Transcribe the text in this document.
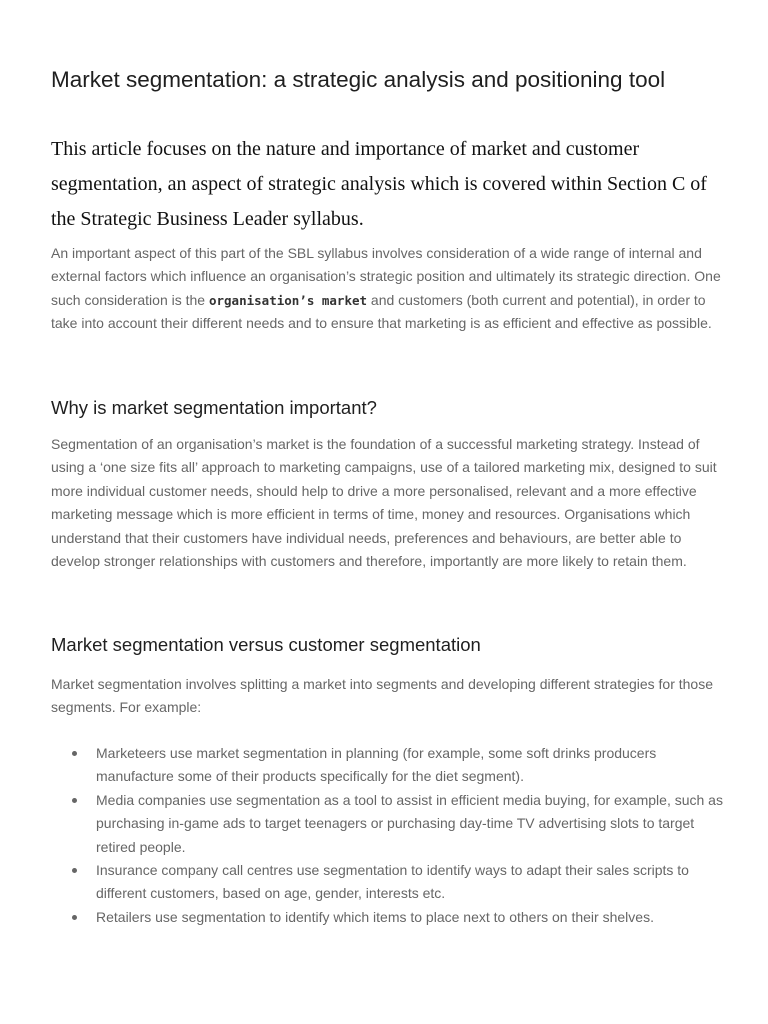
Market segmentation: a strategic analysis and positioning tool

This article focuses on the nature and importance of market and customer segmentation, an aspect of strategic analysis which is covered within Section C of the Strategic Business Leader syllabus.

An important aspect of this part of the SBL syllabus involves consideration of a wide range of internal and external factors which influence an organisation’s strategic position and ultimately its strategic direction. One such consideration is the organisation’s market and customers (both current and potential), in order to take into account their different needs and to ensure that marketing is as efficient and effective as possible.

Why is market segmentation important?

Segmentation of an organisation’s market is the foundation of a successful marketing strategy. Instead of using a ‘one size fits all’ approach to marketing campaigns, use of a tailored marketing mix, designed to suit more individual customer needs, should help to drive a more personalised, relevant and a more effective marketing message which is more efficient in terms of time, money and resources. Organisations which understand that their customers have individual needs, preferences and behaviours, are better able to develop stronger relationships with customers and therefore, importantly are more likely to retain them.

Market segmentation versus customer segmentation

Market segmentation involves splitting a market into segments and developing different strategies for those segments. For example:

Marketeers use market segmentation in planning (for example, some soft drinks producers manufacture some of their products specifically for the diet segment).
Media companies use segmentation as a tool to assist in efficient media buying, for example, such as purchasing in-game ads to target teenagers or purchasing day-time TV advertising slots to target retired people.
Insurance company call centres use segmentation to identify ways to adapt their sales scripts to different customers, based on age, gender, interests etc.
Retailers use segmentation to identify which items to place next to others on their shelves.
